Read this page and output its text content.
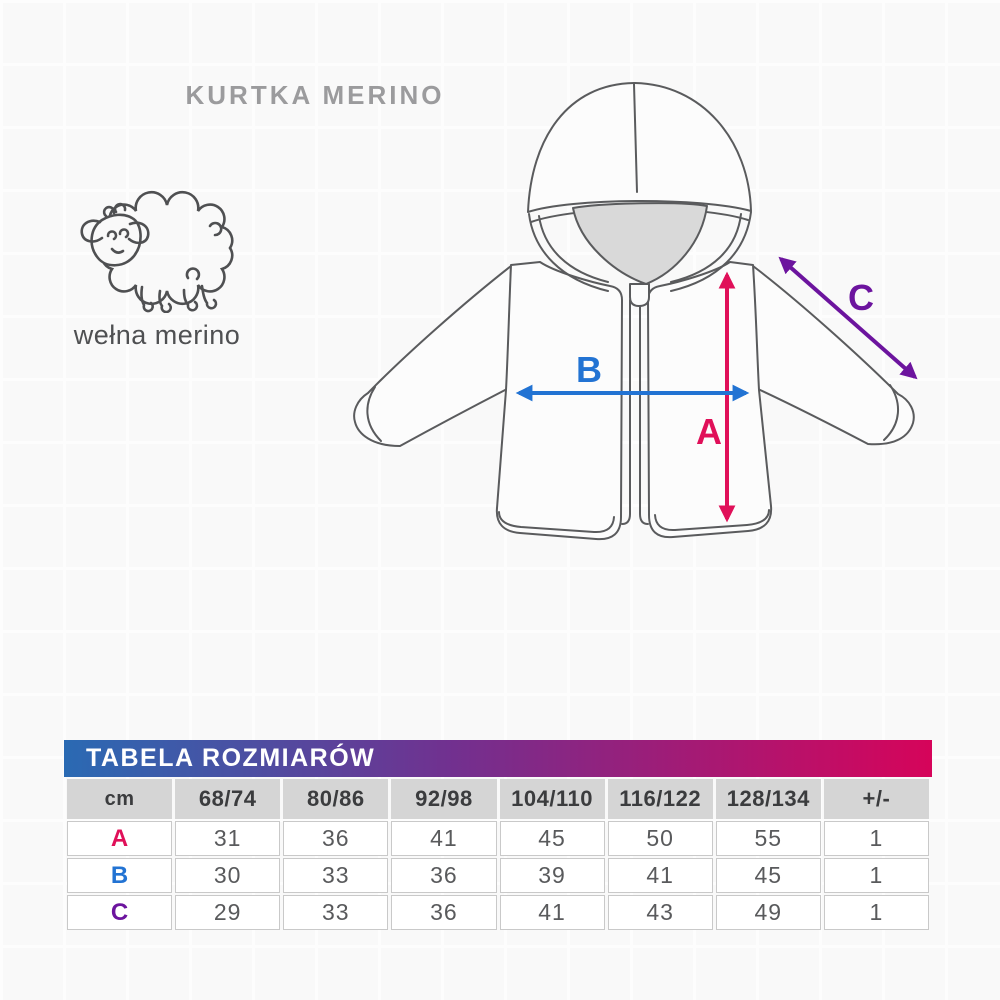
KURTKA MERINO
wełna merino
A
B
C
TABELA ROZMIARÓW
cm	68/74	80/86	92/98	104/110	116/122	128/134	+/-
A	31	36	41	45	50	55	1
B	30	33	36	39	41	45	1
C	29	33	36	41	43	49	1
